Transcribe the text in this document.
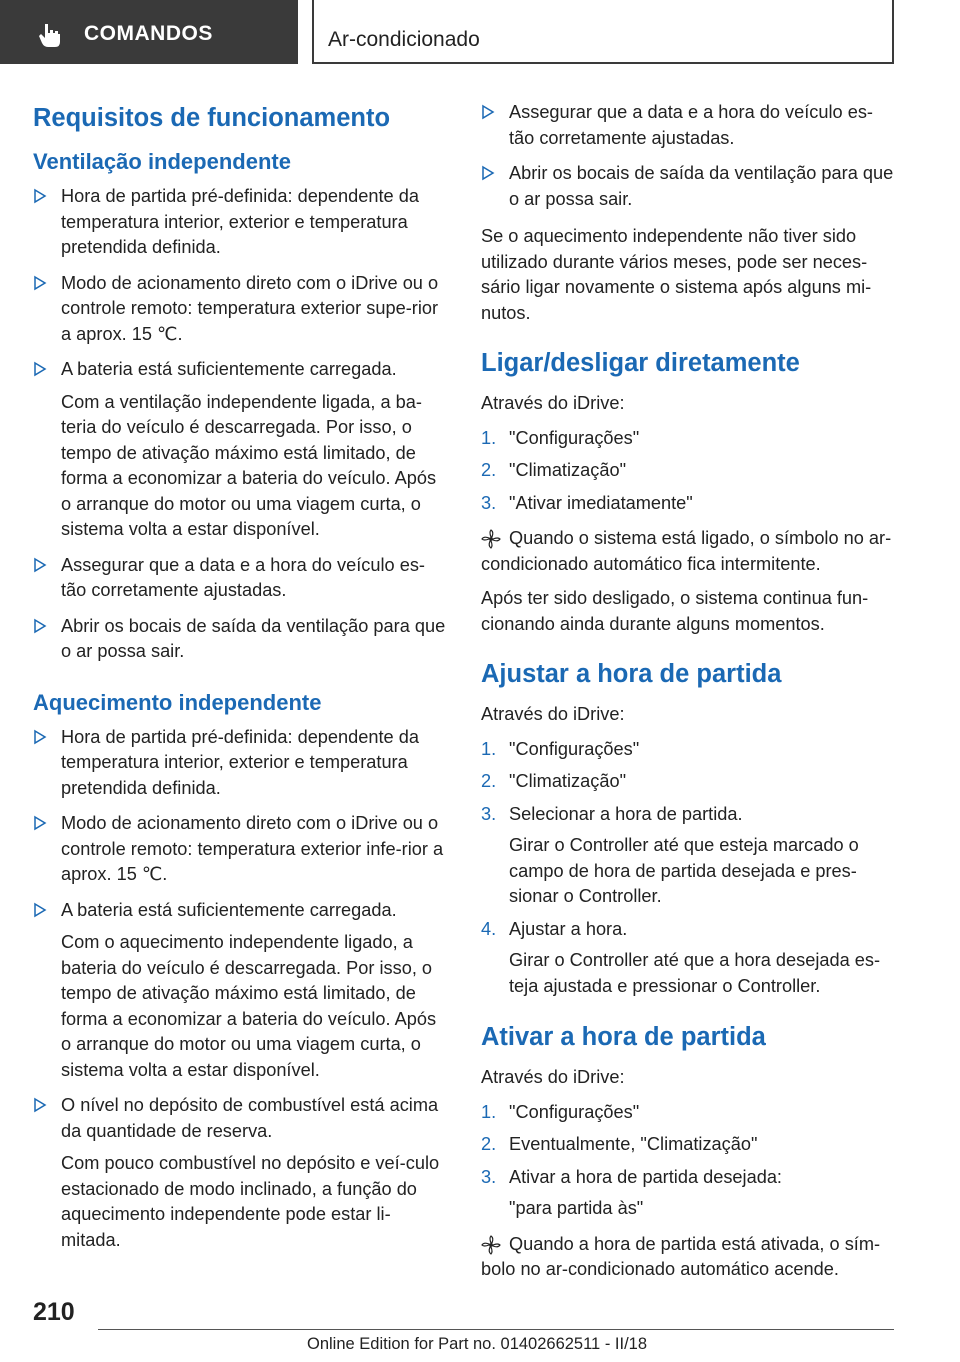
COMANDOS	Ar-condicionado
Requisitos de funcionamento
Ventilação independente
Hora de partida pré-definida: dependente da temperatura interior, exterior e temperatura pretendida definida.
Modo de acionamento direto com o iDrive ou o controle remoto: temperatura exterior supe-rior a aprox. 15 ℃.
A bateria está suficientemente carregada.
Com a ventilação independente ligada, a ba-teria do veículo é descarregada. Por isso, o tempo de ativação máximo está limitado, de forma a economizar a bateria do veículo. Após o arranque do motor ou uma viagem curta, o sistema volta a estar disponível.
Assegurar que a data e a hora do veículo es-tão corretamente ajustadas.
Abrir os bocais de saída da ventilação para que o ar possa sair.
Aquecimento independente
Hora de partida pré-definida: dependente da temperatura interior, exterior e temperatura pretendida definida.
Modo de acionamento direto com o iDrive ou o controle remoto: temperatura exterior infe-rior a aprox. 15 ℃.
A bateria está suficientemente carregada.
Com o aquecimento independente ligado, a bateria do veículo é descarregada. Por isso, o tempo de ativação máximo está limitado, de forma a economizar a bateria do veículo. Após o arranque do motor ou uma viagem curta, o sistema volta a estar disponível.
O nível no depósito de combustível está acima da quantidade de reserva.
Com pouco combustível no depósito e veí-culo estacionado de modo inclinado, a função do aquecimento independente pode estar li-mitada.
Assegurar que a data e a hora do veículo es-tão corretamente ajustadas.
Abrir os bocais de saída da ventilação para que o ar possa sair.

Se o aquecimento independente não tiver sido utilizado durante vários meses, pode ser neces-sário ligar novamente o sistema após alguns mi-nutos.

Ligar/desligar diretamente

Através do iDrive:

1. "Configurações"
2. "Climatização"
3. "Ativar imediatamente"

Quando o sistema está ligado, o símbolo no ar-condicionado automático fica intermitente.

Após ter sido desligado, o sistema continua fun-cionando ainda durante alguns momentos.

Ajustar a hora de partida

Através do iDrive:

1. "Configurações"
2. "Climatização"
3. Selecionar a hora de partida.
Girar o Controller até que esteja marcado o campo de hora de partida desejada e pres-sionar o Controller.
4. Ajustar a hora.
Girar o Controller até que a hora desejada es-teja ajustada e pressionar o Controller.
Ativar a hora de partida

Através do iDrive:

1. "Configurações"
2. Eventualmente, "Climatização"
3. Ativar a hora de partida desejada:
"para partida às"

Quando a hora de partida está ativada, o sím-bolo no ar-condicionado automático acende.

210
Online Edition for Part no. 01402662511 - II/18
